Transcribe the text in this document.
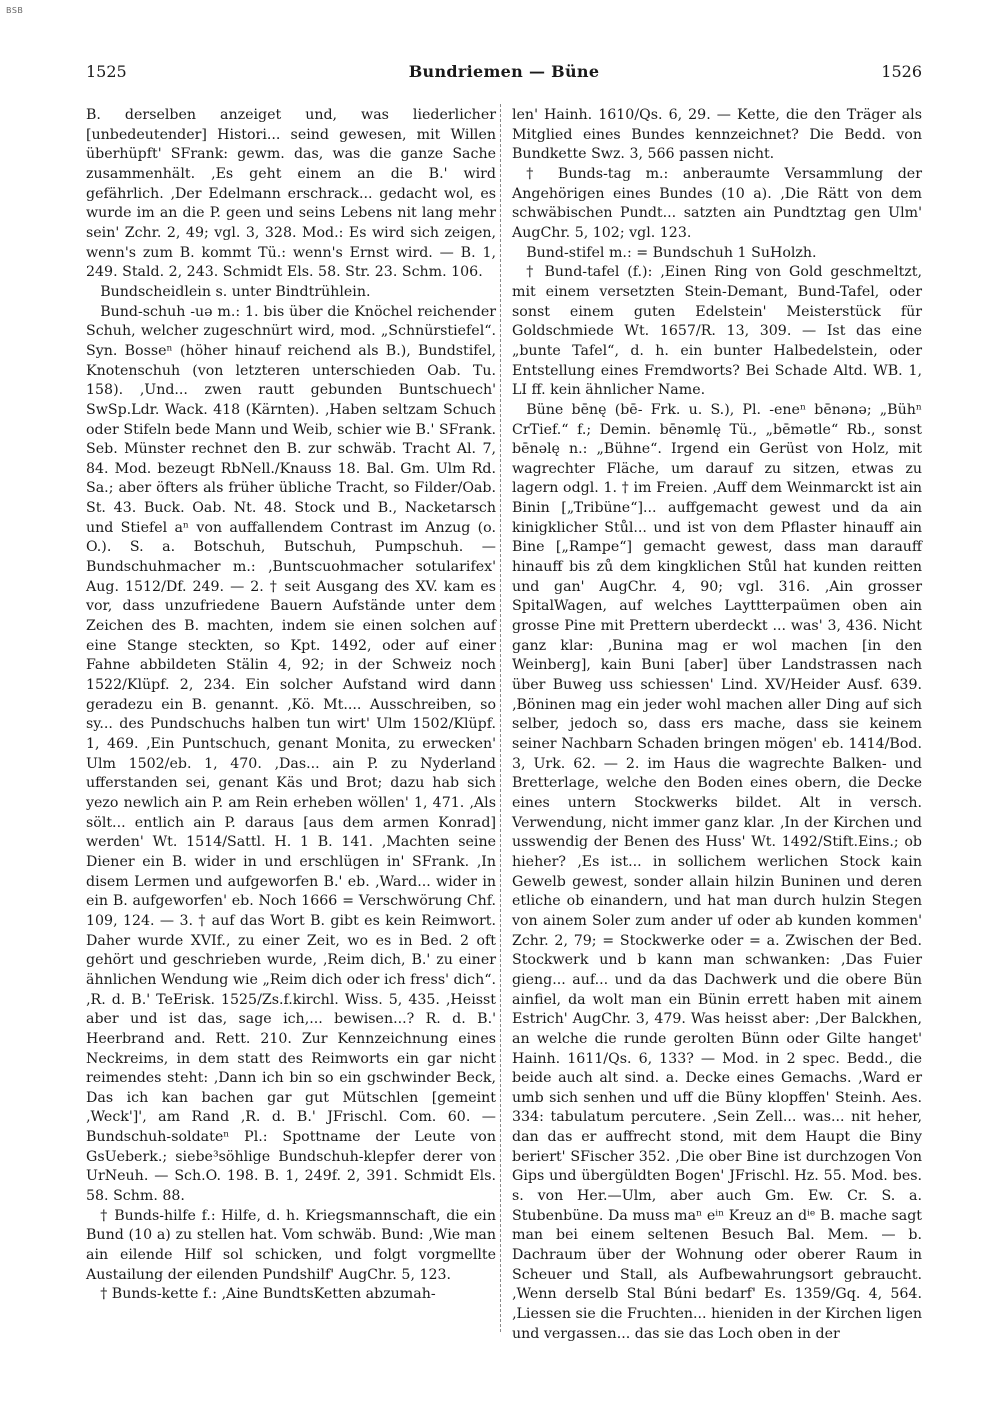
BSB
1525	Bundriemen — Büne	1526

B. derselben anzeiget und, was liederlicher [unbedeutender] Histori... seind gewesen, mit Willen überhüpft' SFrank: gewm. das, was die ganze Sache zusammenhält. ‚Es geht einem an die B.' wird gefährlich. ‚Der Edelmann erschrack... gedacht wol, es wurde im an die P. geen und seins Lebens nit lang mehr sein' Zchr. 2, 49; vgl. 3, 328. Mod.: Es wird sich zeigen, wenn's zum B. kommt Tü.: wenn's Ernst wird. — B. 1, 249. Stald. 2, 243. Schmidt Els. 58. Str. 23. Schm. 106.

Bundscheidlein s. unter Bindtrühlein.

Bund-schuh -uə m.: 1. bis über die Knöchel reichender Schuh, welcher zugeschnürt wird, mod. „Schnürstiefel“. Syn. Bosseⁿ (höher hinauf reichend als B.), Bundstifel, Knotenschuh (von letzteren unterschieden Oab. Tu. 158). ‚Und... zwen rautt gebunden Buntschuech' SwSp.Ldr. Wack. 418 (Kärnten). ‚Haben seltzam Schuch oder Stifeln bede Mann und Weib, schier wie B.' SFrank. Seb. Münster rechnet den B. zur schwäb. Tracht Al. 7, 84. Mod. bezeugt RbNell./Knauss 18. Bal. Gm. Ulm Rd. Sa.; aber öfters als früher übliche Tracht, so Filder/Oab. St. 43. Buck. Oab. Nt. 48. Stock und B., Nacketarsch und Stiefel aⁿ von auffallendem Contrast im Anzug (o. O.). S. a. Botschuh, Butschuh, Pumpschuh. — Bundschuhmacher m.: ‚Buntscuohmacher sotularifex' Aug. 1512/Df. 249. — 2. † seit Ausgang des XV. kam es vor, dass unzufriedene Bauern Aufstände unter dem Zeichen des B. machten, indem sie einen solchen auf eine Stange steckten, so Kpt. 1492, oder auf einer Fahne abbildeten Stälin 4, 92; in der Schweiz noch 1522/Klüpf. 2, 234. Ein solcher Aufstand wird dann geradezu ein B. genannt. ‚Kö. Mt.... Ausschreiben, so sy... des Pundschuchs halben tun wirt' Ulm 1502/Klüpf. 1, 469. ‚Ein Puntschuch, genant Monita, zu erwecken' Ulm 1502/eb. 1, 470. ‚Das... ain P. zu Nyderland ufferstanden sei, genant Käs und Brot; dazu hab sich yezo newlich ain P. am Rein erheben wöllen' 1, 471. ‚Als sölt... entlich ain P. daraus [aus dem armen Konrad] werden' Wt. 1514/Sattl. H. 1 B. 141. ‚Machten seine Diener ein B. wider in und erschlügen in' SFrank. ‚In disem Lermen und aufgeworfen B.' eb. ‚Ward... wider in ein B. aufgeworfen' eb. Noch 1666 = Verschwörung Chf. 109, 124. — 3. † auf das Wort B. gibt es kein Reimwort. Daher wurde XVIf., zu einer Zeit, wo es in Bed. 2 oft gehört und geschrieben wurde, ‚Reim dich, B.' zu einer ähnlichen Wendung wie „Reim dich oder ich fress' dich“. ‚R. d. B.' TeErisk. 1525/Zs.f.kirchl. Wiss. 5, 435. ‚Heisst aber und ist das, sage ich,... bewisen...? R. d. B.' Heerbrand and. Rett. 210. Zur Kennzeichnung eines Neckreims, in dem statt des Reimworts ein gar nicht reimendes steht: ‚Dann ich bin so ein gschwinder Beck, Das ich kan bachen gar gut Mütschlen [gemeint ‚Weck']', am Rand ‚R. d. B.' JFrischl. Com. 60. — Bundschuh-soldateⁿ Pl.: Spottname der Leute von GsUeberk.; siebe³söhlige Bundschuh-klepfer derer von UrNeuh. — Sch.O. 198. B. 1, 249f. 2, 391. Schmidt Els. 58. Schm. 88.

† Bunds-hilfe f.: Hilfe, d. h. Kriegsmannschaft, die ein Bund (10 a) zu stellen hat. Vom schwäb. Bund: ‚Wie man ain eilende Hilf sol schicken, und folgt vorgmellte Austailung der eilenden Pundshilf' AugChr. 5, 123.

† Bunds-kette f.: ‚Aine BundtsKetten abzumah-

len' Hainh. 1610/Qs. 6, 29. — Kette, die den Träger als Mitglied eines Bundes kennzeichnet? Die Bedd. von Bundkette Swz. 3, 566 passen nicht.

† Bunds-tag m.: anberaumte Versammlung der Angehörigen eines Bundes (10 a). ‚Die Rätt von dem schwäbischen Pundt... satzten ain Pundtztag gen Ulm' AugChr. 5, 102; vgl. 123.

Bund-stifel m.: = Bundschuh 1 SuHolzh.

† Bund-tafel (f.): ‚Einen Ring von Gold geschmeltzt, mit einem versetzten Stein-Demant, Bund-Tafel, oder sonst einem guten Edelstein' Meisterstück für Goldschmiede Wt. 1657/R. 13, 309. — Ist das eine „bunte Tafel“, d. h. ein bunter Halbedelstein, oder Entstellung eines Fremdworts? Bei Schade Altd. WB. 1, LI ff. kein ähnlicher Name.

Büne bēnę (bē- Frk. u. S.), Pl. -eneⁿ bēnənə; „Bühⁿ CrTief.“ f.; Demin. bēnəmlę Tü., „bēmətle“ Rb., sonst bēnəlę n.: „Bühne“. Irgend ein Gerüst von Holz, mit wagrechter Fläche, um darauf zu sitzen, etwas zu lagern odgl. 1. † im Freien. ‚Auff dem Weinmarckt ist ain Binin [„Tribüne“]... auffgemacht gewest und da ain kinigklicher Stůl... und ist von dem Pflaster hinauff ain Bine [„Rampe“] gemacht gewest, dass man darauff hinauff bis zů dem kingklichen Stůl hat kunden reitten und gan' AugChr. 4, 90; vgl. 316. ‚Ain grosser SpitalWagen, auf welches Layttterpaümen oben ain grosse Pine mit Prettern uberdeckt ... was' 3, 436. Nicht ganz klar: ‚Bunina mag er wol machen [in den Weinberg], kain Buni [aber] über Landstrassen nach über Buweg uss schiessen' Lind. XV/Heider Ausf. 639. ‚Böninen mag ein jeder wohl machen aller Ding auf sich selber, jedoch so, dass ers mache, dass sie keinem seiner Nachbarn Schaden bringen mögen' eb. 1414/Bod. 3, Urk. 62. — 2. im Haus die wagrechte Balken- und Bretterlage, welche den Boden eines obern, die Decke eines untern Stockwerks bildet. Alt in versch. Verwendung, nicht immer ganz klar. ‚In der Kirchen und usswendig der Benen des Huss' Wt. 1492/Stift.Eins.; ob hieher? ‚Es ist... in sollichem werlichen Stock kain Gewelb gewest, sonder allain hilzin Buninen und deren etliche ob einandern, und hat man durch hulzin Stegen von ainem Soler zum ander uf oder ab kunden kommen' Zchr. 2, 79; = Stockwerke oder = a. Zwischen der Bed. Stockwerk und b kann man schwanken: ‚Das Fuier gieng... auf... und da das Dachwerk und die obere Bün ainfiel, da wolt man ein Bünin errett haben mit ainem Estrich' AugChr. 3, 479. Was heisst aber: ‚Der Balckhen, an welche die runde gerolten Bünn oder Gilte hanget' Hainh. 1611/Qs. 6, 133? — Mod. in 2 spec. Bedd., die beide auch alt sind. a. Decke eines Gemachs. ‚Ward er umb sich senhen und uff die Büny klopffen' Steinh. Aes. 334: tabulatum percutere. ‚Sein Zell... was... nit heher, dan das er auffrecht stond, mit dem Haupt die Biny beriert' SFischer 352. ‚Die ober Bine ist durchzogen Von Gips und übergüldten Bogen' JFrischl. Hz. 55. Mod. bes. s. von Her.—Ulm, aber auch Gm. Ew. Cr. S. a. Stubenbüne. Da muss maⁿ eⁱⁿ Kreuz an dⁱᵉ B. mache sagt man bei einem seltenen Besuch Bal. Mem. — b. Dachraum über der Wohnung oder oberer Raum in Scheuer und Stall, als Aufbewahrungsort gebraucht. ‚Wenn derselb Stal Búni bedarf' Es. 1359/Gq. 4, 564. ‚Liessen sie die Fruchten... hieniden in der Kirchen ligen und vergassen... das sie das Loch oben in der
